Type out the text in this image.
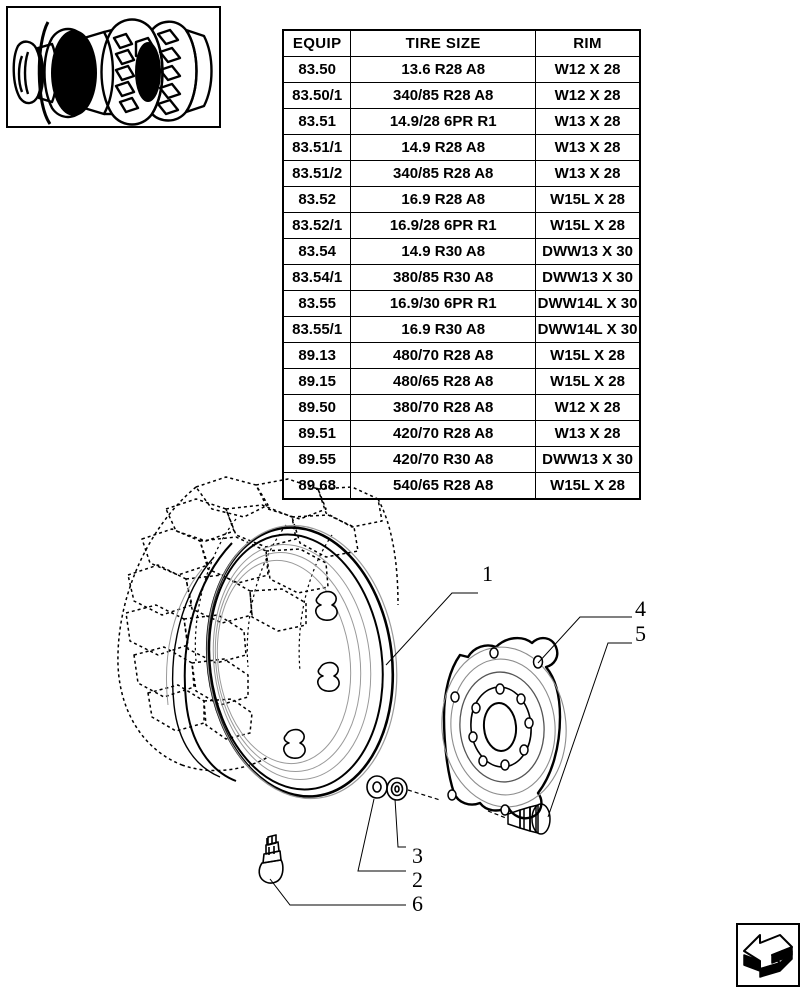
EQUIP	TIRE SIZE	RIM
83.50	13.6 R28 A8	W12 X 28
83.50/1	340/85 R28 A8	W12 X 28
83.51	14.9/28 6PR R1	W13 X 28
83.51/1	14.9 R28 A8	W13 X 28
83.51/2	340/85 R28 A8	W13 X 28
83.52	16.9 R28 A8	W15L X 28
83.52/1	16.9/28 6PR R1	W15L X 28
83.54	14.9 R30 A8	DWW13 X 30
83.54/1	380/85 R30 A8	DWW13 X 30
83.55	16.9/30 6PR R1	DWW14L X 30
83.55/1	16.9 R30 A8	DWW14L X 30
89.13	480/70 R28 A8	W15L X 28
89.15	480/65 R28 A8	W15L X 28
89.50	380/70 R28 A8	W12 X 28
89.51	420/70 R28 A8	W13 X 28
89.55	420/70 R30 A8	DWW13 X 30
89.68	540/65 R28 A8	W15L X 28
1
4
5
3
2
6
